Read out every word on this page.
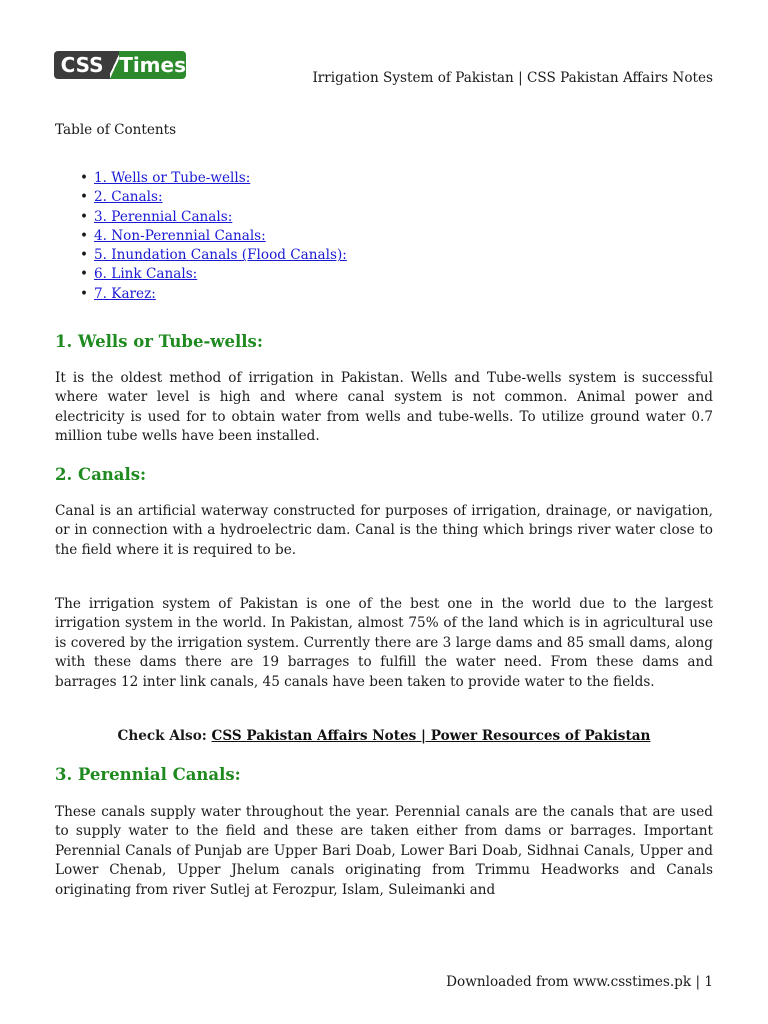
CSS Times
Irrigation System of Pakistan | CSS Pakistan Affairs Notes
Table of Contents
• 1. Wells or Tube-wells:
• 2. Canals:
• 3. Perennial Canals:
• 4. Non-Perennial Canals:
• 5. Inundation Canals (Flood Canals):
• 6. Link Canals:
• 7. Karez:
1. Wells or Tube-wells:

It is the oldest method of irrigation in Pakistan. Wells and Tube-wells system is successful where water level is high and where canal system is not common. Animal power and electricity is used for to obtain water from wells and tube-wells. To utilize ground water 0.7 million tube wells have been installed.

2. Canals:

Canal is an artificial waterway constructed for purposes of irrigation, drainage, or navigation, or in connection with a hydroelectric dam. Canal is the thing which brings river water close to the field where it is required to be.

The irrigation system of Pakistan is one of the best one in the world due to the largest irrigation system in the world. In Pakistan, almost 75% of the land which is in agricultural use is covered by the irrigation system. Currently there are 3 large dams and 85 small dams, along with these dams there are 19 barrages to fulfill the water need. From these dams and barrages 12 inter link canals, 45 canals have been taken to provide water to the fields.

Check Also: CSS Pakistan Affairs Notes | Power Resources of Pakistan
3. Perennial Canals:

These canals supply water throughout the year. Perennial canals are the canals that are used to supply water to the field and these are taken either from dams or barrages. Important Perennial Canals of Punjab are Upper Bari Doab, Lower Bari Doab, Sidhnai Canals, Upper and Lower Chenab, Upper Jhelum canals originating from Trimmu Headworks and Canals originating from river Sutlej at Ferozpur, Islam, Suleimanki and

Downloaded from www.csstimes.pk | 1
